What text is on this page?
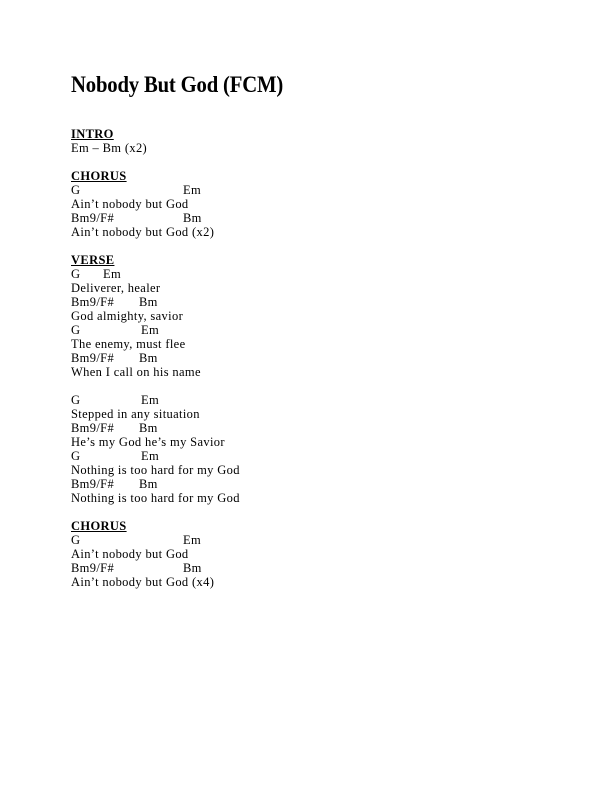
Nobody But God (FCM)
INTRO
Em – Bm (x2)
CHORUS
G	Em
Ain’t nobody but God
Bm9/F#	Bm
Ain’t nobody but God (x2)
VERSE
G Em
Deliverer, healer
Bm9/F# Bm
God almighty, savior
G	Em
The enemy, must flee
Bm9/F# Bm
When I call on his name
G	Em
Stepped in any situation
Bm9/F# Bm
He’s my God he’s my Savior
G	Em
Nothing is too hard for my God
Bm9/F# Bm
Nothing is too hard for my God
CHORUS
G	Em
Ain’t nobody but God
Bm9/F#	Bm
Ain’t nobody but God (x4)
